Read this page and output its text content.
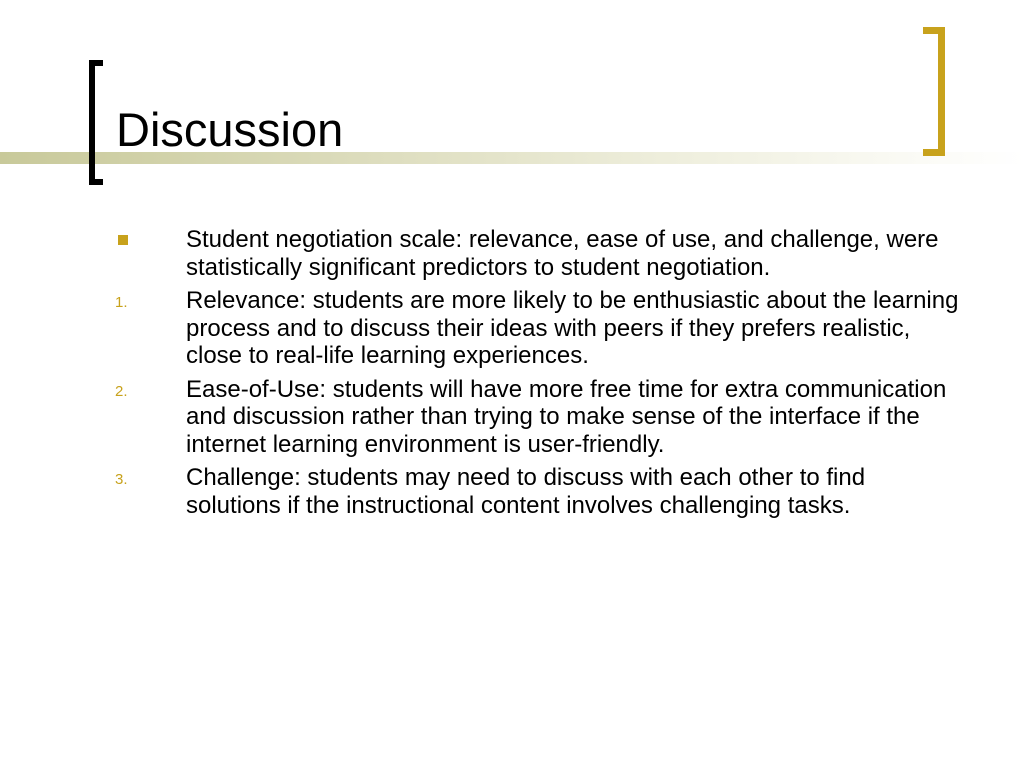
Discussion
Student negotiation scale: relevance, ease of use, and challenge, were statistically significant predictors to student negotiation.
1. Relevance: students are more likely to be enthusiastic about the learning process and to discuss their ideas with peers if they prefers realistic, close to real-life learning experiences.
2. Ease-of-Use: students will have more free time for extra communication and discussion rather than trying to make sense of the interface if the internet learning environment is user-friendly.
3. Challenge: students may need to discuss with each other to find solutions if the instructional content involves challenging tasks.
